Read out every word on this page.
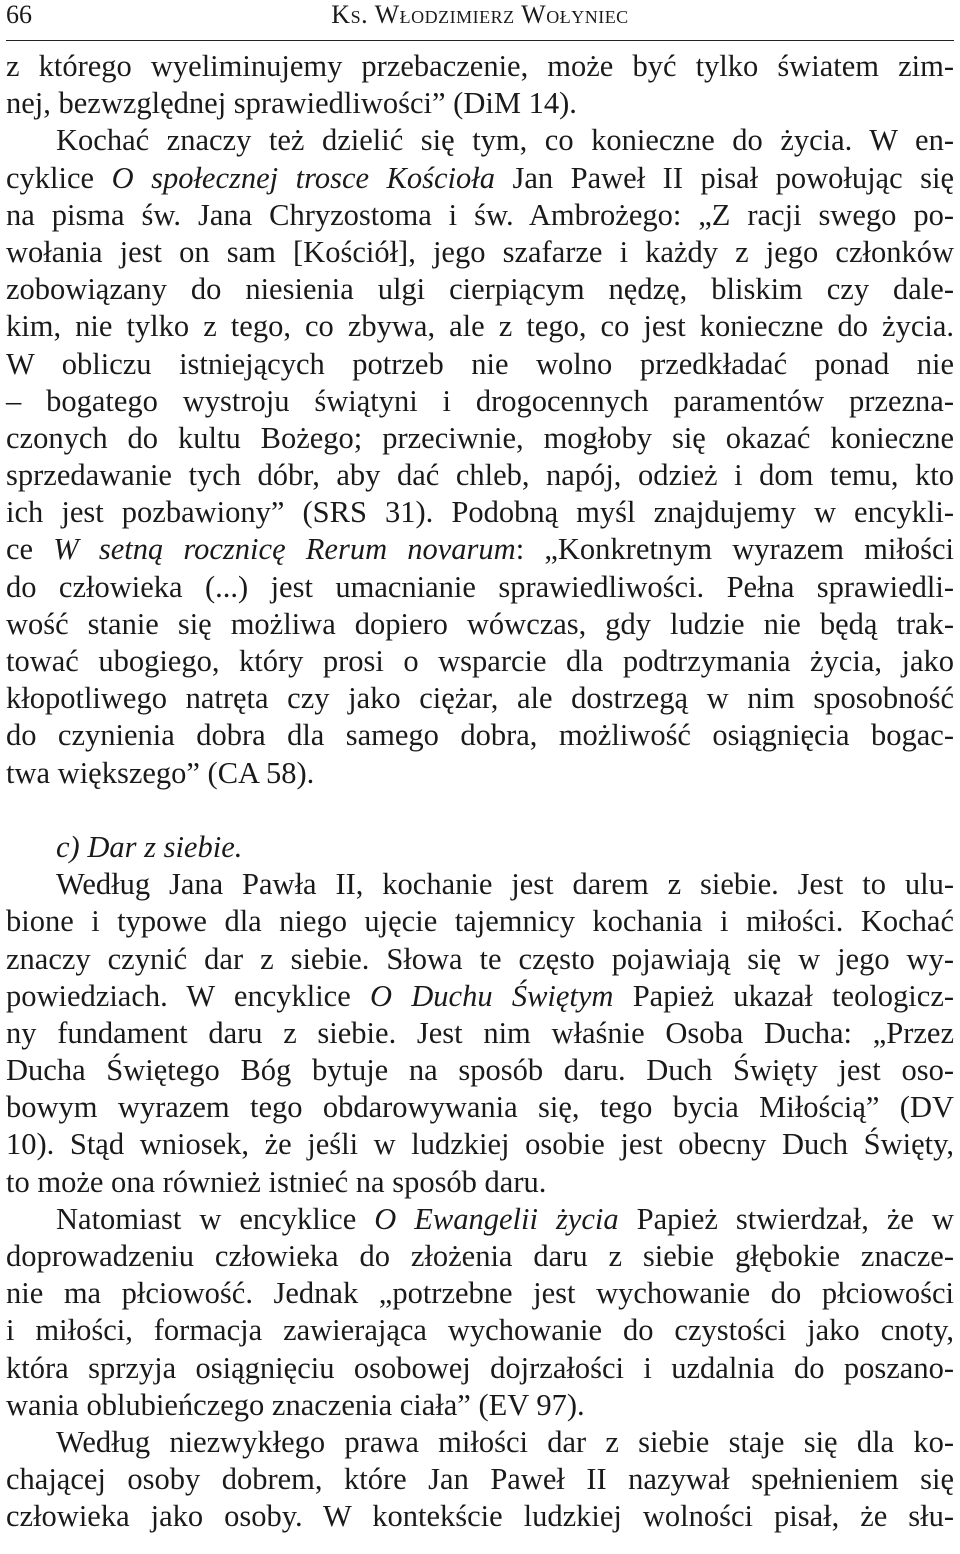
66	Ks. Włodzimierz Wołyniec
z którego wyeliminujemy przebaczenie, może być tylko światem zim-
nej, bezwzględnej sprawiedliwości” (DiM 14).
Kochać znaczy też dzielić się tym, co konieczne do życia. W en-
cyklice O społecznej trosce Kościoła Jan Paweł II pisał powołując się
na pisma św. Jana Chryzostoma i św. Ambrożego: „Z racji swego po-
wołania jest on sam [Kościół], jego szafarze i każdy z jego członków
zobowiązany do niesienia ulgi cierpiącym nędzę, bliskim czy dale-
kim, nie tylko z tego, co zbywa, ale z tego, co jest konieczne do życia.
W obliczu istniejących potrzeb nie wolno przedkładać ponad nie
– bogatego wystroju świątyni i drogocennych paramentów przezna-
czonych do kultu Bożego; przeciwnie, mogłoby się okazać konieczne
sprzedawanie tych dóbr, aby dać chleb, napój, odzież i dom temu, kto
ich jest pozbawiony” (SRS 31). Podobną myśl znajdujemy w encykli-
ce W setną rocznicę Rerum novarum: „Konkretnym wyrazem miłości
do człowieka (...) jest umacnianie sprawiedliwości. Pełna sprawiedli-
wość stanie się możliwa dopiero wówczas, gdy ludzie nie będą trak-
tować ubogiego, który prosi o wsparcie dla podtrzymania życia, jako
kłopotliwego natręta czy jako ciężar, ale dostrzegą w nim sposobność
do czynienia dobra dla samego dobra, możliwość osiągnięcia bogac-
twa większego” (CA 58).
c) Dar z siebie.
Według Jana Pawła II, kochanie jest darem z siebie. Jest to ulu-
bione i typowe dla niego ujęcie tajemnicy kochania i miłości. Kochać
znaczy czynić dar z siebie. Słowa te często pojawiają się w jego wy-
powiedziach. W encyklice O Duchu Świętym Papież ukazał teologicz-
ny fundament daru z siebie. Jest nim właśnie Osoba Ducha: „Przez
Ducha Świętego Bóg bytuje na sposób daru. Duch Święty jest oso-
bowym wyrazem tego obdarowywania się, tego bycia Miłością” (DV
10). Stąd wniosek, że jeśli w ludzkiej osobie jest obecny Duch Święty,
to może ona również istnieć na sposób daru.
Natomiast w encyklice O Ewangelii życia Papież stwierdzał, że w
doprowadzeniu człowieka do złożenia daru z siebie głębokie znacze-
nie ma płciowość. Jednak „potrzebne jest wychowanie do płciowości
i miłości, formacja zawierająca wychowanie do czystości jako cnoty,
która sprzyja osiągnięciu osobowej dojrzałości i uzdalnia do poszano-
wania oblubieńczego znaczenia ciała” (EV 97).
Według niezwykłego prawa miłości dar z siebie staje się dla ko-
chającej osoby dobrem, które Jan Paweł II nazywał spełnieniem się
człowieka jako osoby. W kontekście ludzkiej wolności pisał, że słu-
